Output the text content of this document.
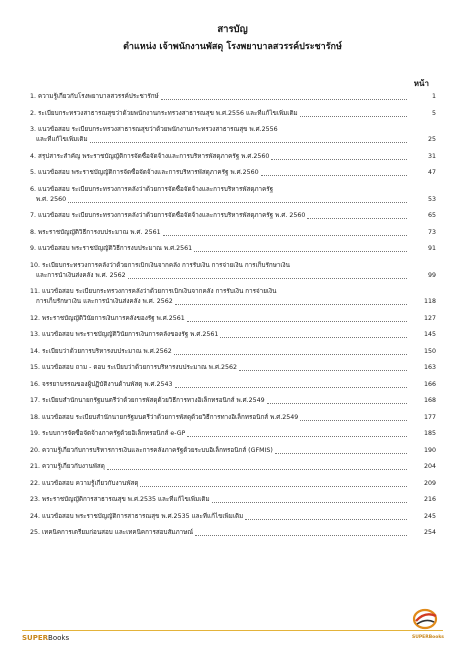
สารบัญ
ตำแหน่ง เจ้าพนักงานพัสดุ โรงพยาบาลสวรรค์ประชารักษ์
หน้า
1. ความรู้เกี่ยวกับโรงพยาบาลสวรรค์ประชารักษ์	1
2. ระเบียบกระทรวงสาธารณสุขว่าด้วยพนักงานกระทรวงสาธารณสุข พ.ศ.2556 และที่แก้ไขเพิ่มเติม	5
3. แนวข้อสอบ ระเบียบกระทรวงสาธารณสุขว่าด้วยพนักงานกระทรวงสาธารณสุข พ.ศ.2556
และที่แก้ไขเพิ่มเติม	25
4. สรุปสาระสำคัญ พระราชบัญญัติการจัดซื้อจัดจ้างและการบริหารพัสดุภาครัฐ พ.ศ.2560	31
5. แนวข้อสอบ พระราชบัญญัติการจัดซื้อจัดจ้างและการบริหารพัสดุภาครัฐ พ.ศ.2560	47
6. แนวข้อสอบ ระเบียบกระทรวงการคลังว่าด้วยการจัดซื้อจัดจ้างและการบริหารพัสดุภาครัฐ
พ.ศ. 2560	53
7. แนวข้อสอบ ระเบียบกระทรวงการคลังว่าด้วยการจัดซื้อจัดจ้างและการบริหารพัสดุภาครัฐ พ.ศ. 2560	65
8. พระราชบัญญัติวิธีการงบประมาณ พ.ศ. 2561	73
9. แนวข้อสอบ พระราชบัญญัติวิธีการงบประมาณ พ.ศ.2561	91
10. ระเบียบกระทรวงการคลังว่าด้วยการเบิกเงินจากคลัง การรับเงิน การจ่ายเงิน การเก็บรักษาเงิน
และการนำเงินส่งคลัง พ.ศ. 2562	99
11. แนวข้อสอบ ระเบียบกระทรวงการคลังว่าด้วยการเบิกเงินจากคลัง การรับเงิน การจ่ายเงิน
การเก็บรักษาเงิน และการนำเงินส่งคลัง พ.ศ. 2562	118
12. พระราชบัญญัติวินัยการเงินการคลังของรัฐ พ.ศ.2561	127
13. แนวข้อสอบ พระราชบัญญัติวินัยการเงินการคลังของรัฐ พ.ศ.2561	145
14. ระเบียบว่าด้วยการบริหารงบประมาณ พ.ศ.2562	150
15. แนวข้อสอบ ถาม - ตอบ ระเบียบว่าด้วยการบริหารงบประมาณ พ.ศ.2562	163
16. จรรยาบรรณของผู้ปฏิบัติงานด้านพัสดุ พ.ศ.2543	166
17. ระเบียบสำนักนายกรัฐมนตรีว่าด้วยการพัสดุด้วยวิธีการทางอิเล็กทรอนิกส์ พ.ศ.2549	168
18. แนวข้อสอบ ระเบียบสำนักนายกรัฐมนตรีว่าด้วยการพัสดุด้วยวิธีการทางอิเล็กทรอนิกส์ พ.ศ.2549	177
19. ระบบการจัดซื้อจัดจ้างภาครัฐด้วยอิเล็กทรอนิกส์ e-GP	185
20. ความรู้เกี่ยวกับการบริหารการเงินและการคลังภาครัฐด้วยระบบอิเล็กทรอนิกส์ (GFMIS)	190
21. ความรู้เกี่ยวกับงานพัสดุ	204
22. แนวข้อสอบ ความรู้เกี่ยวกับงานพัสดุ	209
23. พระราชบัญญัติการสาธารณสุข พ.ศ.2535 และที่แก้ไขเพิ่มเติม	216
24. แนวข้อสอบ พระราชบัญญัติการสาธารณสุข พ.ศ.2535 และที่แก้ไขเพิ่มเติม	245
25. เทคนิคการเตรียมก่อนสอบ และเทคนิคการสอบสัมภาษณ์	254
SUPERBooks	SUPERBooks
